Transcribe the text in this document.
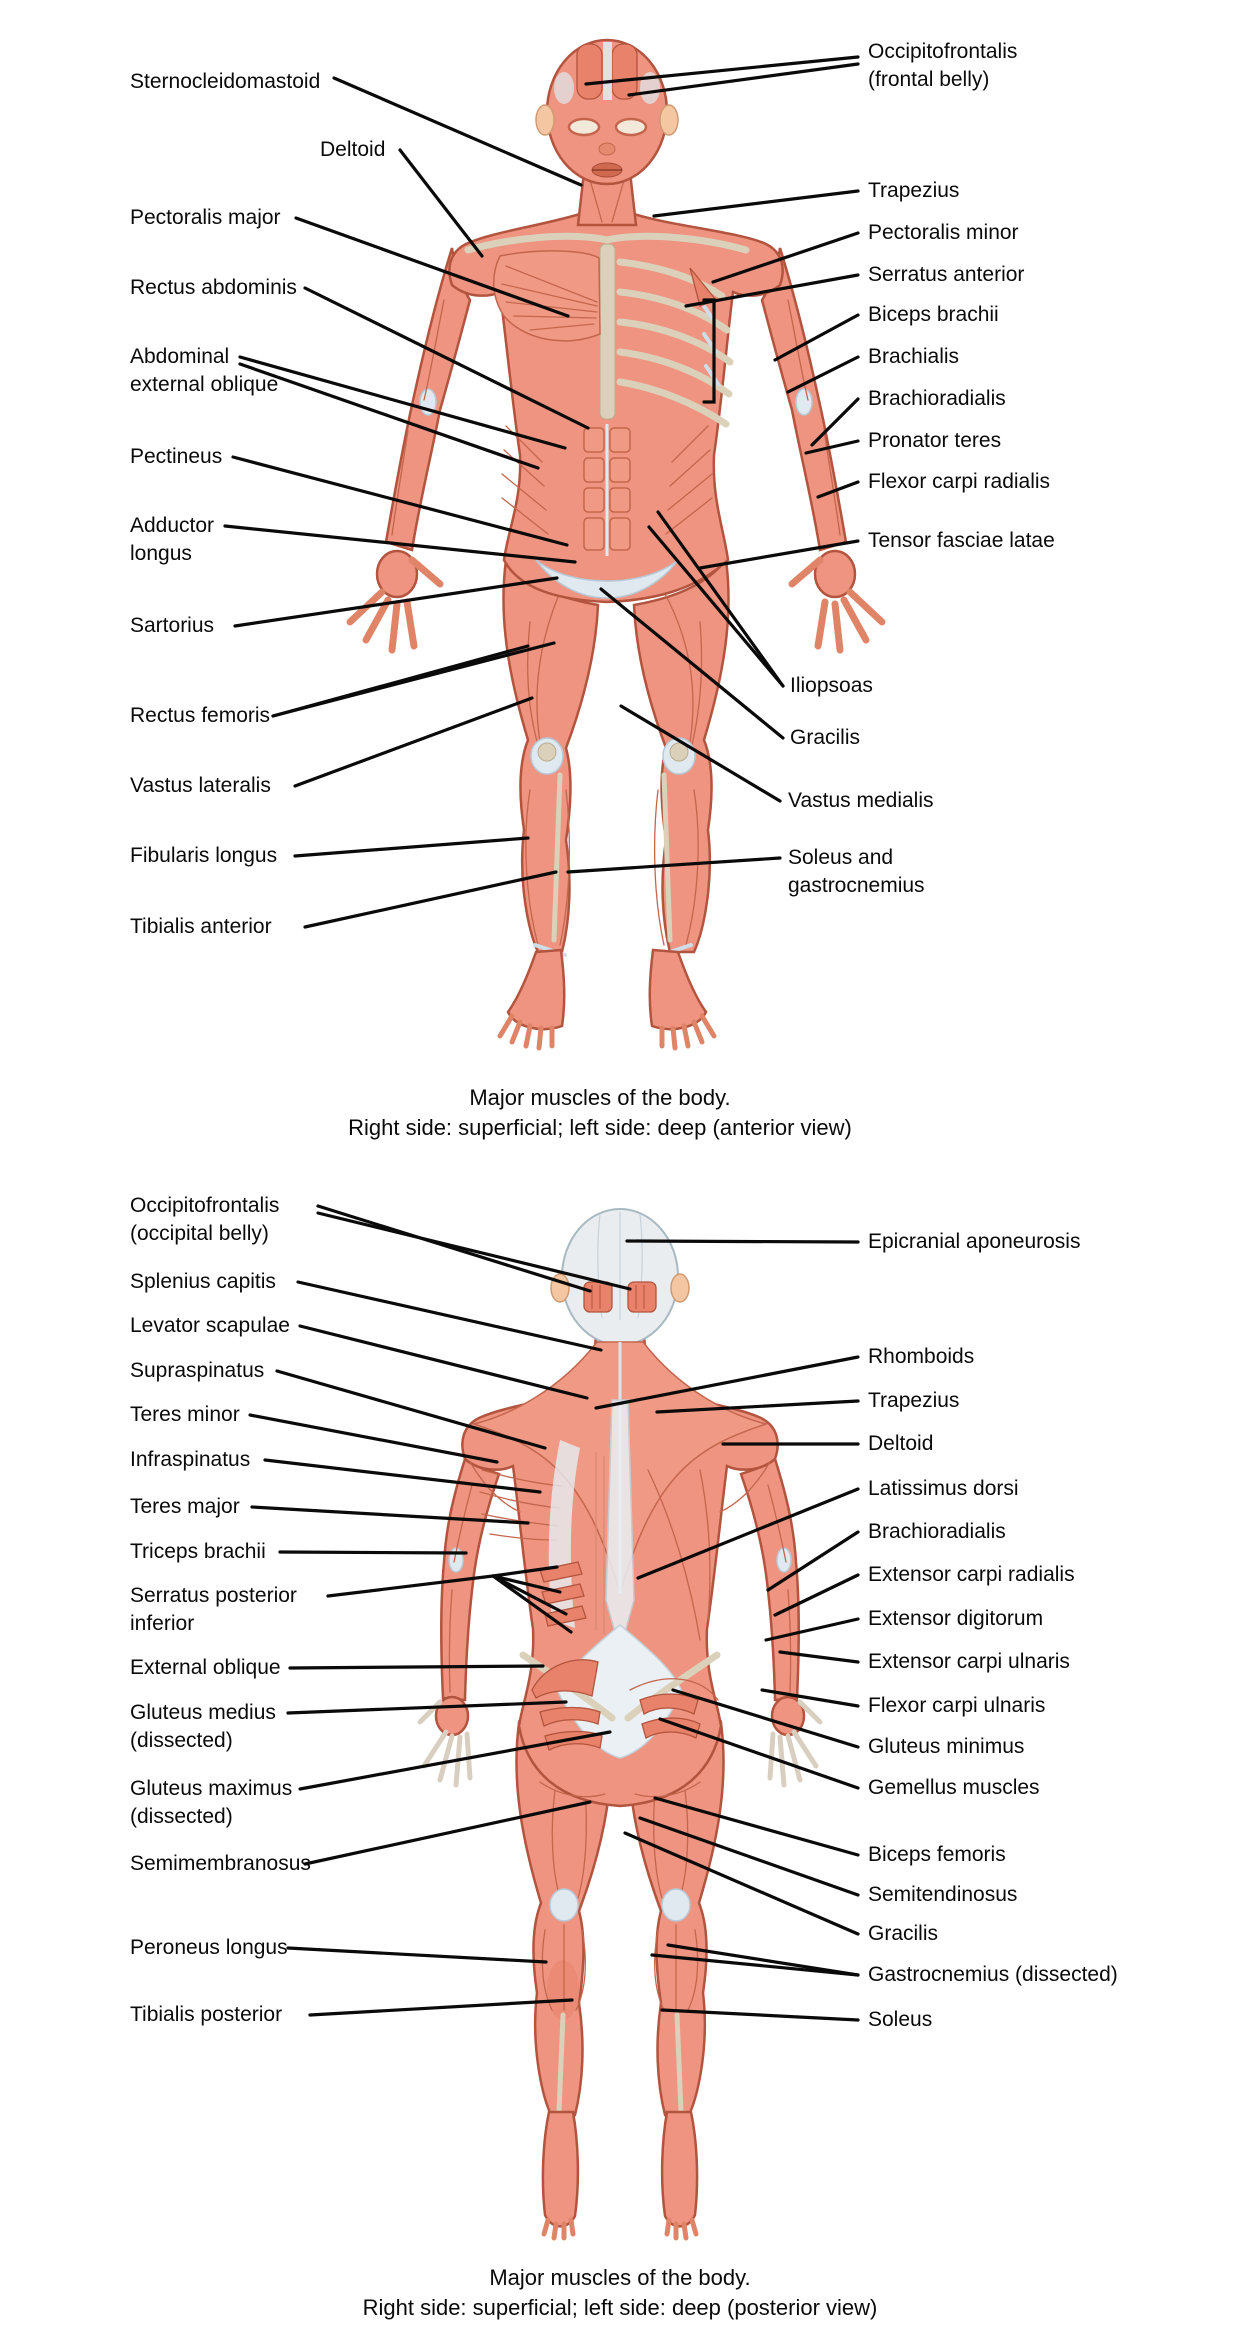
Sternocleidomastoid
Deltoid
Pectoralis major
Rectus abdominis
Abdominal
external oblique
Pectineus
Adductor
longus
Sartorius
Rectus femoris
Vastus lateralis
Fibularis longus
Tibialis anterior
Occipitofrontalis
(frontal belly)
Trapezius
Pectoralis minor
Serratus anterior
Biceps brachii
Brachialis
Brachioradialis
Pronator teres
Flexor carpi radialis
Tensor fasciae latae
Iliopsoas
Gracilis
Vastus medialis
Soleus and
gastrocnemius
Major muscles of the body.
Right side: superficial; left side: deep (anterior view)
Occipitofrontalis
(occipital belly)
Splenius capitis
Levator scapulae
Supraspinatus
Teres minor
Infraspinatus
Teres major
Triceps brachii
Serratus posterior
inferior
External oblique
Gluteus medius
(dissected)
Gluteus maximus
(dissected)
Semimembranosus
Peroneus longus
Tibialis posterior
Epicranial aponeurosis
Rhomboids
Trapezius
Deltoid
Latissimus dorsi
Brachioradialis
Extensor carpi radialis
Extensor digitorum
Extensor carpi ulnaris
Flexor carpi ulnaris
Gluteus minimus
Gemellus muscles
Biceps femoris
Semitendinosus
Gracilis
Gastrocnemius (dissected)
Soleus
Major muscles of the body.
Right side: superficial; left side: deep (posterior view)
